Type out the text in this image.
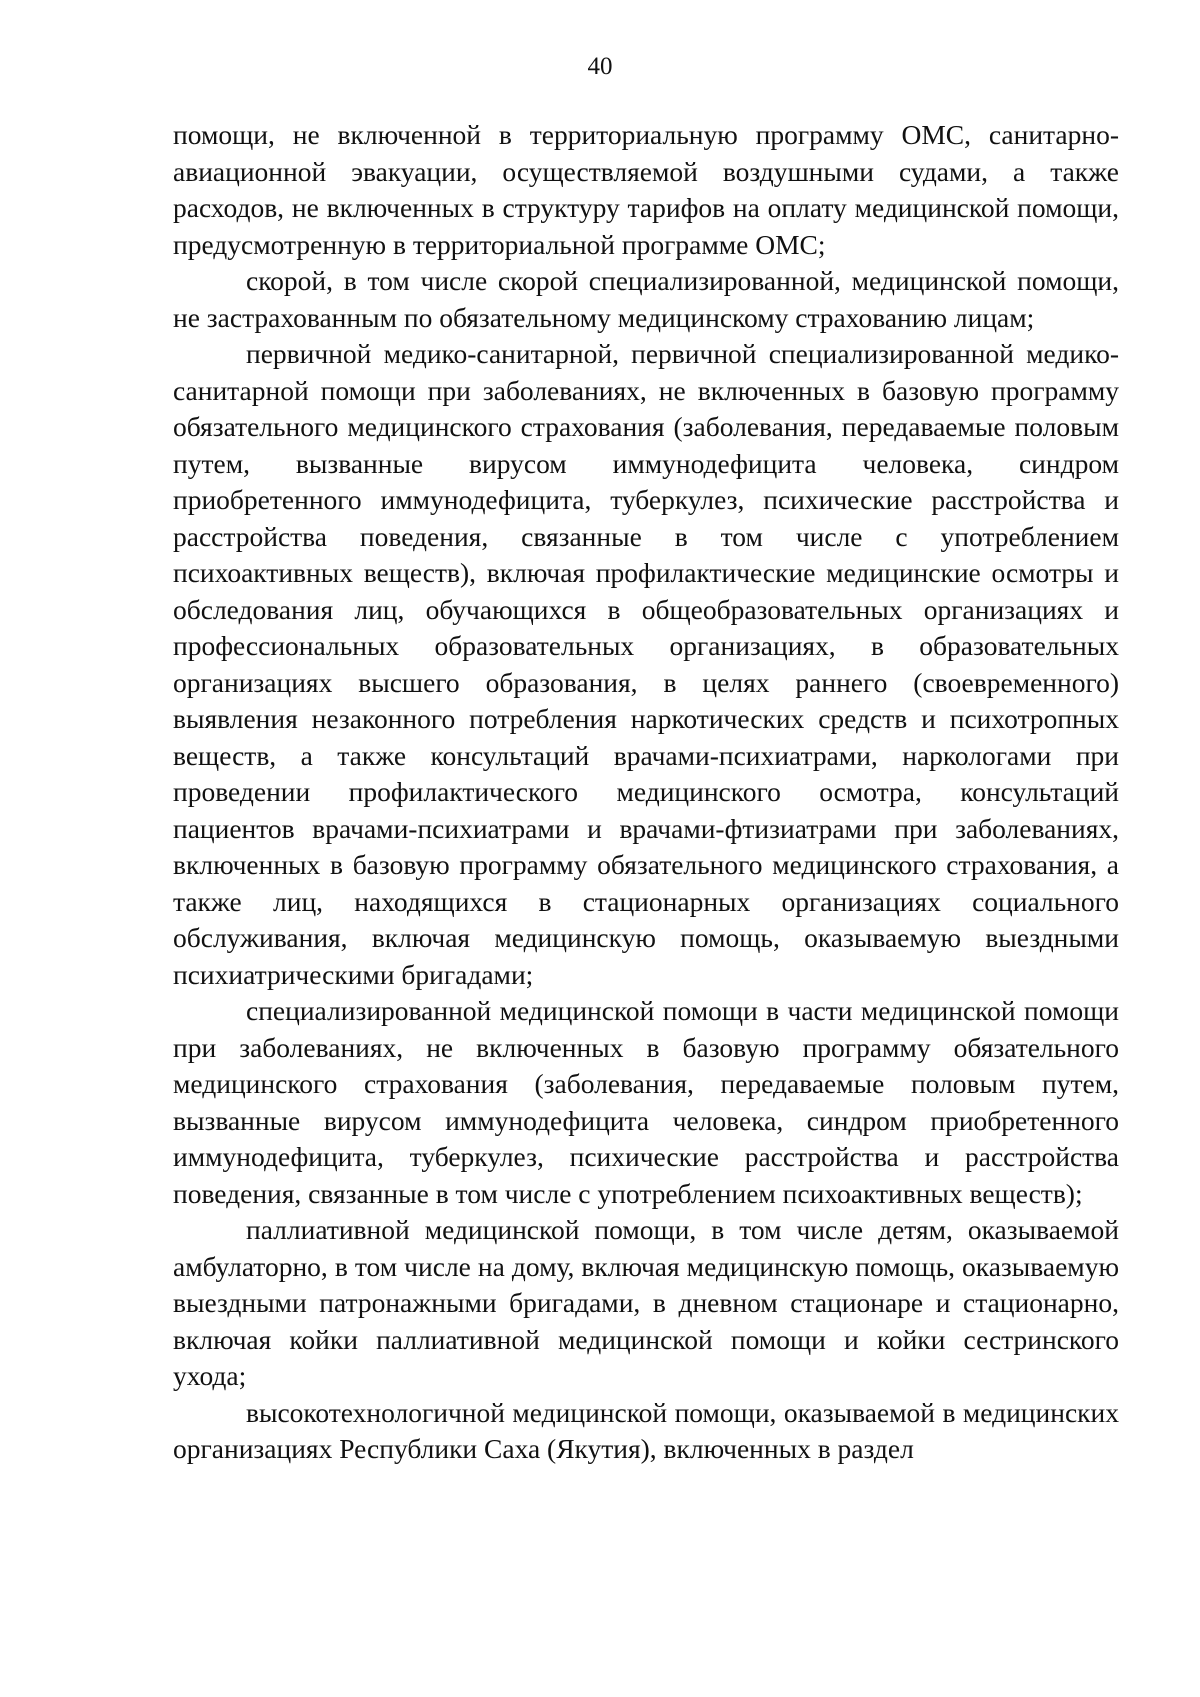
40

помощи, не включенной в территориальную программу ОМС, санитарно-авиационной эвакуации, осуществляемой воздушными судами, а также расходов, не включенных в структуру тарифов на оплату медицинской помощи, предусмотренную в территориальной программе ОМС;

скорой, в том числе скорой специализированной, медицинской помощи, не застрахованным по обязательному медицинскому страхованию лицам;

первичной медико-санитарной, первичной специализированной медико-санитарной помощи при заболеваниях, не включенных в базовую программу обязательного медицинского страхования (заболевания, передаваемые половым путем, вызванные вирусом иммунодефицита человека, синдром приобретенного иммунодефицита, туберкулез, психические расстройства и расстройства поведения, связанные в том числе с употреблением психоактивных веществ), включая профилактические медицинские осмотры и обследования лиц, обучающихся в общеобразовательных организациях и профессиональных образовательных организациях, в образовательных организациях высшего образования, в целях раннего (своевременного) выявления незаконного потребления наркотических средств и психотропных веществ, а также консультаций врачами-психиатрами, наркологами при проведении профилактического медицинского осмотра, консультаций пациентов врачами-психиатрами и врачами-фтизиатрами при заболеваниях, включенных в базовую программу обязательного медицинского страхования, а также лиц, находящихся в стационарных организациях социального обслуживания, включая медицинскую помощь, оказываемую выездными психиатрическими бригадами;

специализированной медицинской помощи в части медицинской помощи при заболеваниях, не включенных в базовую программу обязательного медицинского страхования (заболевания, передаваемые половым путем, вызванные вирусом иммунодефицита человека, синдром приобретенного иммунодефицита, туберкулез, психические расстройства и расстройства поведения, связанные в том числе с употреблением психоактивных веществ);

паллиативной медицинской помощи, в том числе детям, оказываемой амбулаторно, в том числе на дому, включая медицинскую помощь, оказываемую выездными патронажными бригадами, в дневном стационаре и стационарно, включая койки паллиативной медицинской помощи и койки сестринского ухода;

высокотехнологичной медицинской помощи, оказываемой в медицинских организациях Республики Саха (Якутия), включенных в раздел
